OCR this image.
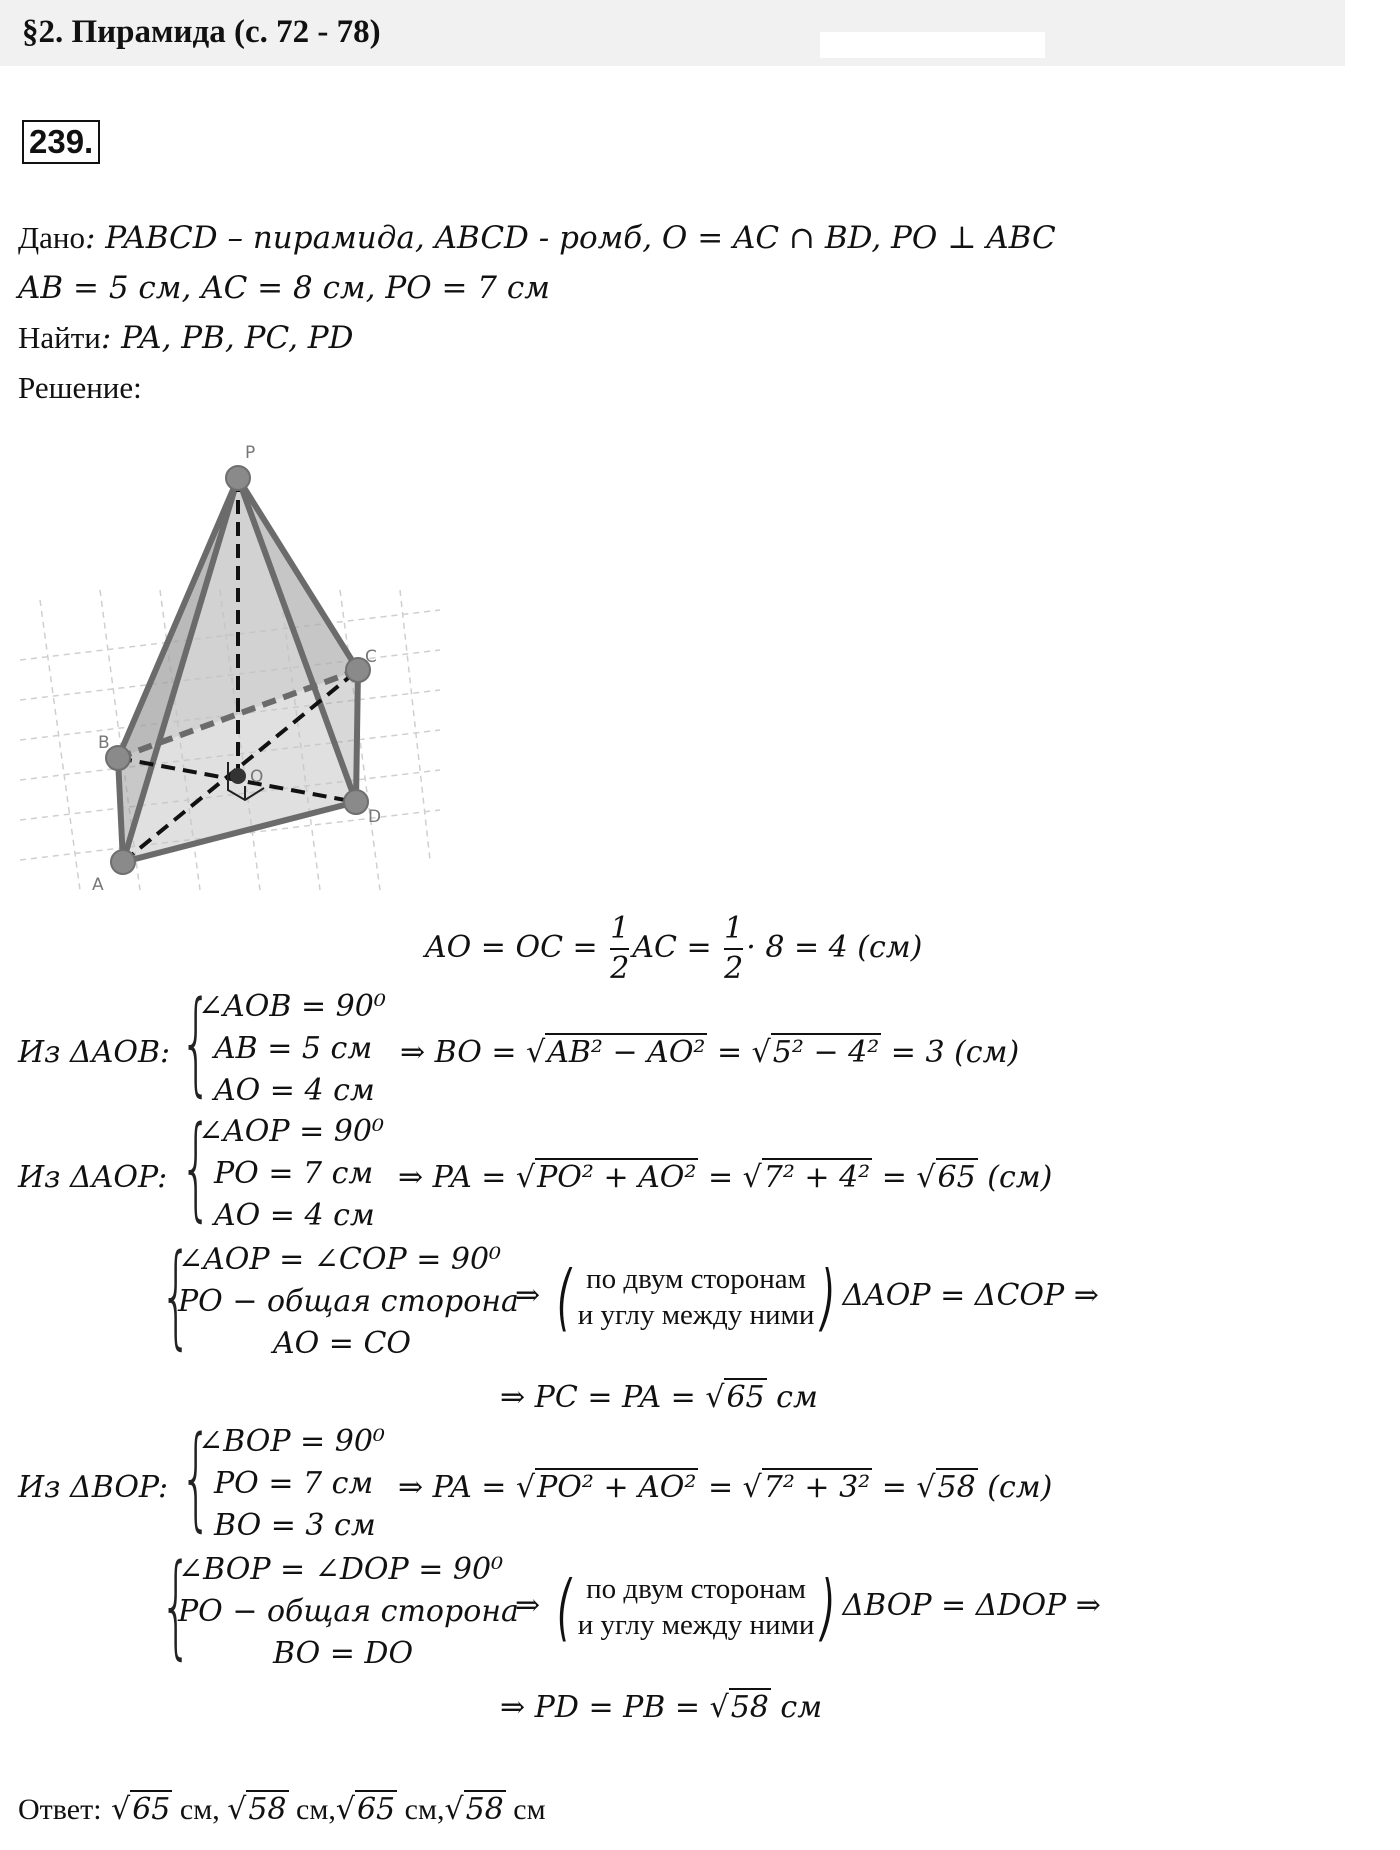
§2. Пирамида (с. 72 - 78)
239.
Дано: PABCD – пирамида, ABCD - ромб, O = AC ∩ BD, PO ⊥ ABC
AB = 5 см, AC = 8 см, PO = 7 см
Найти: PA, PB, PC, PD
Решение:
P
A
B
C
D
O
AO = OC = $\frac{1}{2}$ AC = $\frac{1}{2} \cdot 8 = 4$ (см)
Из ΔAOB: {
∠AOB = 90⁰
AB = 5 см
AO = 4 см
⇒ BO = √AB² − AO² = √5² − 4² = 3 (см)
Из ΔAOP: {
∠AOP = 90⁰
PO = 7 см
AO = 4 см
⇒ PA = √PO² + AO² = √7² + 4² = √65 (см)
{
∠AOP = ∠COP = 90⁰
PO − общая сторона
AO = CO
⇒ ( по двум сторонам
и углу между ними ) ΔAOP = ΔCOP ⇒
⇒ PC = PA = √65 см
Из ΔBOP: {
∠BOP = 90⁰
PO = 7 см
BO = 3 см
⇒ PA = √PO² + AO² = √7² + 3² = √58 (см)
{
∠BOP = ∠DOP = 90⁰
PO − общая сторона
BO = DO
⇒ ( по двум сторонам
и углу между ними ) ΔBOP = ΔDOP ⇒
⇒ PD = PB = √58 см
Ответ: √65 см, √58 см,√65 см,√58 см
